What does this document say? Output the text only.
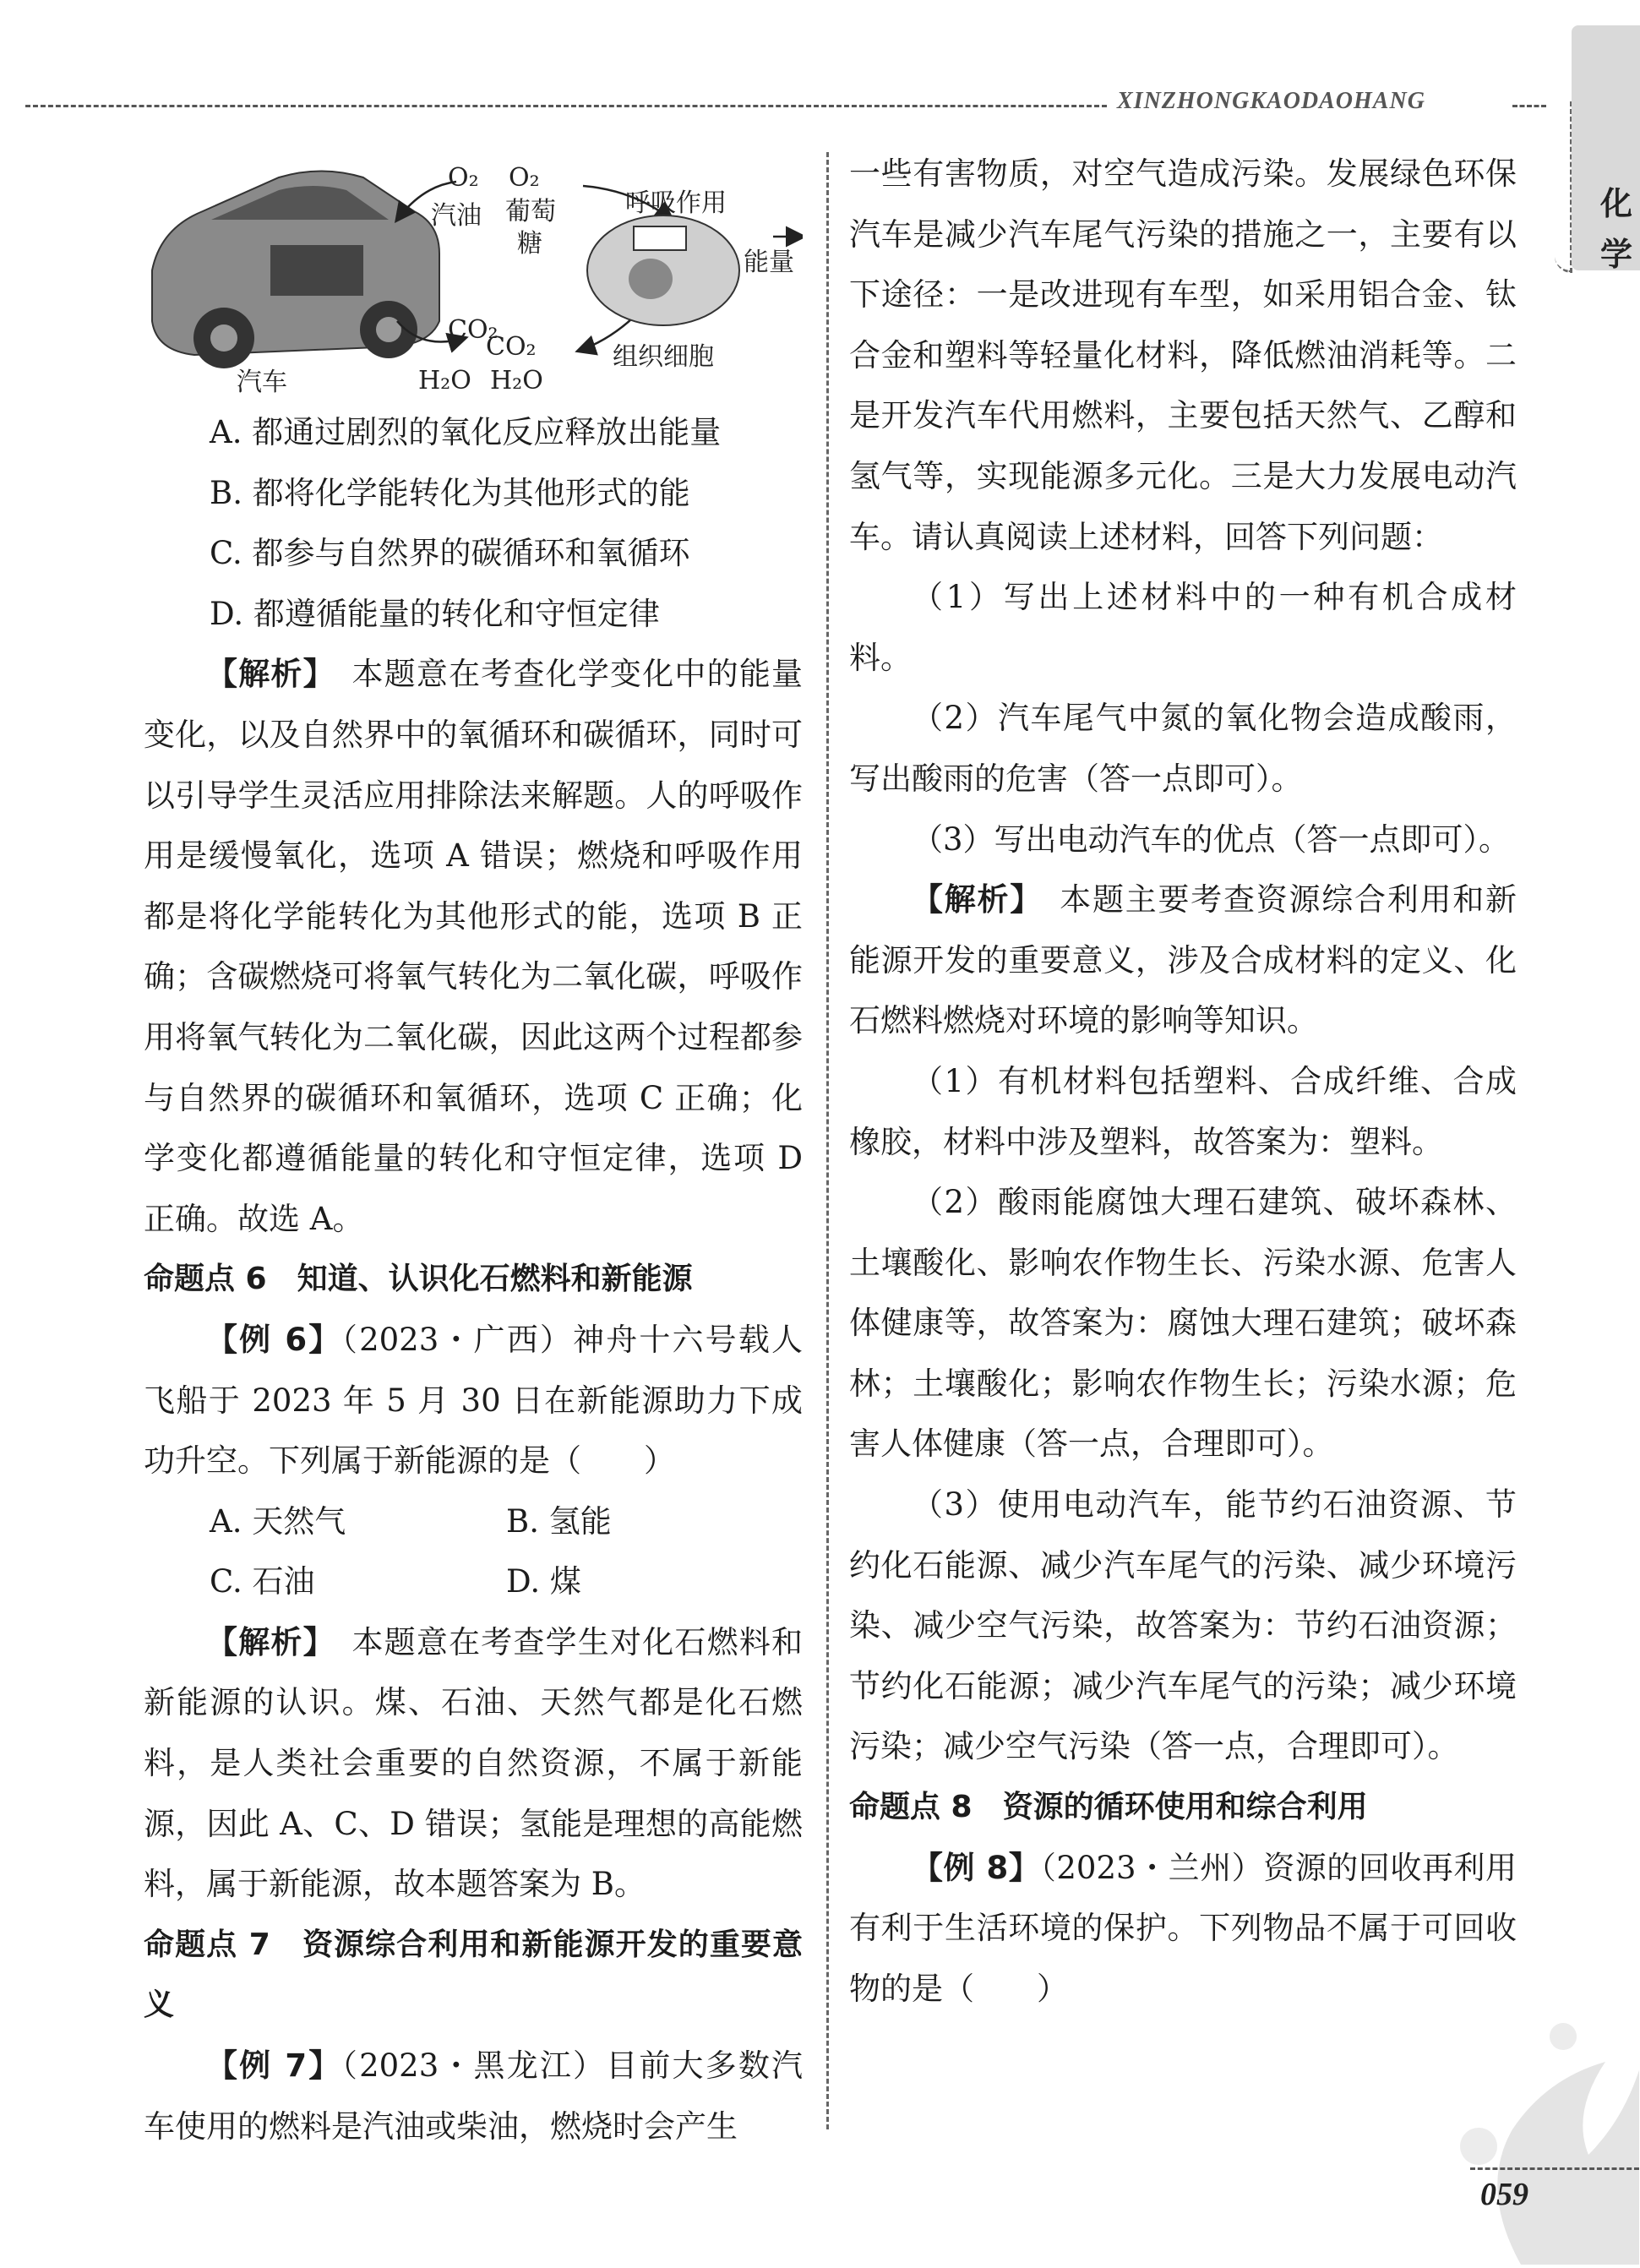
XINZHONGKAODAOHANG
化
学
O₂
汽油
O₂
葡萄
糖
呼吸作用
能量
CO₂
CO₂
H₂O H₂O
汽车
组织细胞

A. 都通过剧烈的氧化反应释放出能量

B. 都将化学能转化为其他形式的能

C. 都参与自然界的碳循环和氧循环

D. 都遵循能量的转化和守恒定律

【解析】　 本题意在考查化学变化中的能量变化，以及自然界中的氧循环和碳循环，同时可以引导学生灵活应用排除法来解题。人的呼吸作用是缓慢氧化，选项 A 错误；燃烧和呼吸作用都是将化学能转化为其他形式的能，选项 B 正确；含碳燃烧可将氧气转化为二氧化碳，呼吸作用将氧气转化为二氧化碳，因此这两个过程都参与自然界的碳循环和氧循环，选项 C 正确；化学变化都遵循能量的转化和守恒定律，选项 D 正确。故选 A。

命题点 6　知道、认识化石燃料和新能源

【例 6】（2023・广西）神舟十六号载人飞船于 2023 年 5 月 30 日在新能源助力下成功升空。下列属于新能源的是（　　）

A. 天然气	B. 氢能
C. 石油	D. 煤

【解析】　 本题意在考查学生对化石燃料和新能源的认识。煤、石油、天然气都是化石燃料，是人类社会重要的自然资源，不属于新能源，因此 A、C、D 错误；氢能是理想的高能燃料，属于新能源，故本题答案为 B。

命题点 7　资源综合利用和新能源开发的重要意义

【例 7】（2023・黑龙江）目前大多数汽车使用的燃料是汽油或柴油，燃烧时会产生

一些有害物质，对空气造成污染。发展绿色环保汽车是减少汽车尾气污染的措施之一，主要有以下途径：一是改进现有车型，如采用铝合金、钛合金和塑料等轻量化材料，降低燃油消耗等。二是开发汽车代用燃料，主要包括天然气、乙醇和氢气等，实现能源多元化。三是大力发展电动汽车。请认真阅读上述材料，回答下列问题：

（1）写出上述材料中的一种有机合成材料。

（2）汽车尾气中氮的氧化物会造成酸雨，写出酸雨的危害（答一点即可）。

（3）写出电动汽车的优点（答一点即可）。

【解析】　 本题主要考查资源综合利用和新能源开发的重要意义，涉及合成材料的定义、化石燃料燃烧对环境的影响等知识。

（1）有机材料包括塑料、合成纤维、合成橡胶，材料中涉及塑料，故答案为：塑料。

（2）酸雨能腐蚀大理石建筑、破坏森林、土壤酸化、影响农作物生长、污染水源、危害人体健康等，故答案为：腐蚀大理石建筑；破坏森林；土壤酸化；影响农作物生长；污染水源；危害人体健康（答一点，合理即可）。

（3）使用电动汽车，能节约石油资源、节约化石能源、减少汽车尾气的污染、减少环境污染、减少空气污染，故答案为：节约石油资源；节约化石能源；减少汽车尾气的污染；减少环境污染；减少空气污染（答一点，合理即可）。

命题点 8　资源的循环使用和综合利用

【例 8】（2023・兰州）资源的回收再利用有利于生活环境的保护。下列物品不属于可回收物的是（　　）

059
